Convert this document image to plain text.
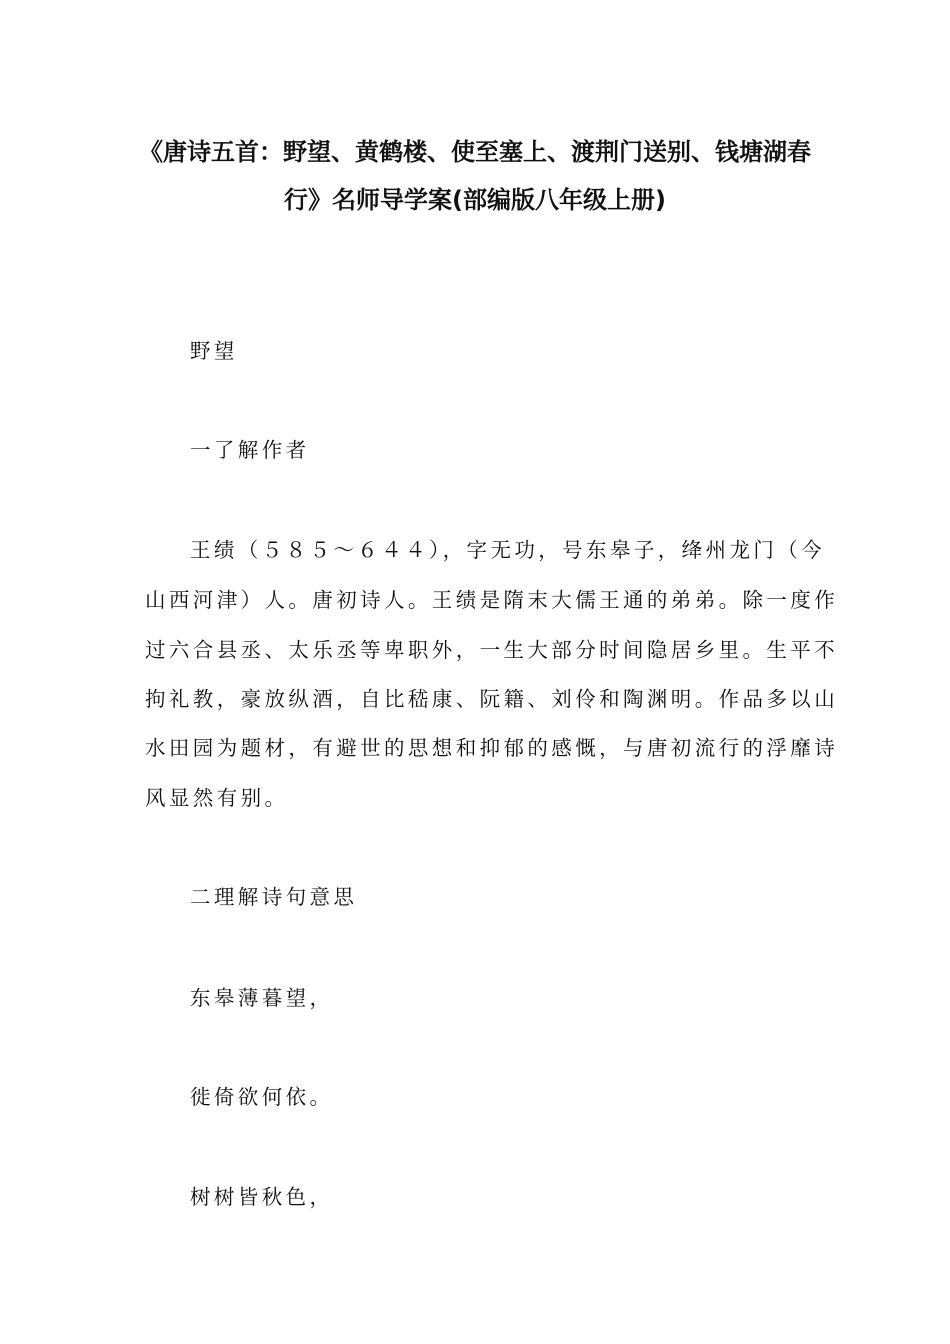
《唐诗五首：野望、黄鹤楼、使至塞上、渡荆门送别、钱塘湖春
行》名师导学案(部编版八年级上册)
野望
一了解作者
王绩（５８５～６４４），字无功，号东皋子，绛州龙门（今
山西河津）人。唐初诗人。王绩是隋末大儒王通的弟弟。除一度作
过六合县丞、太乐丞等卑职外，一生大部分时间隐居乡里。生平不
拘礼教，豪放纵酒，自比嵇康、阮籍、刘伶和陶渊明。作品多以山
水田园为题材，有避世的思想和抑郁的感慨，与唐初流行的浮靡诗
风显然有别。
二理解诗句意思
东皋薄暮望，
徙倚欲何依。
树树皆秋色，
